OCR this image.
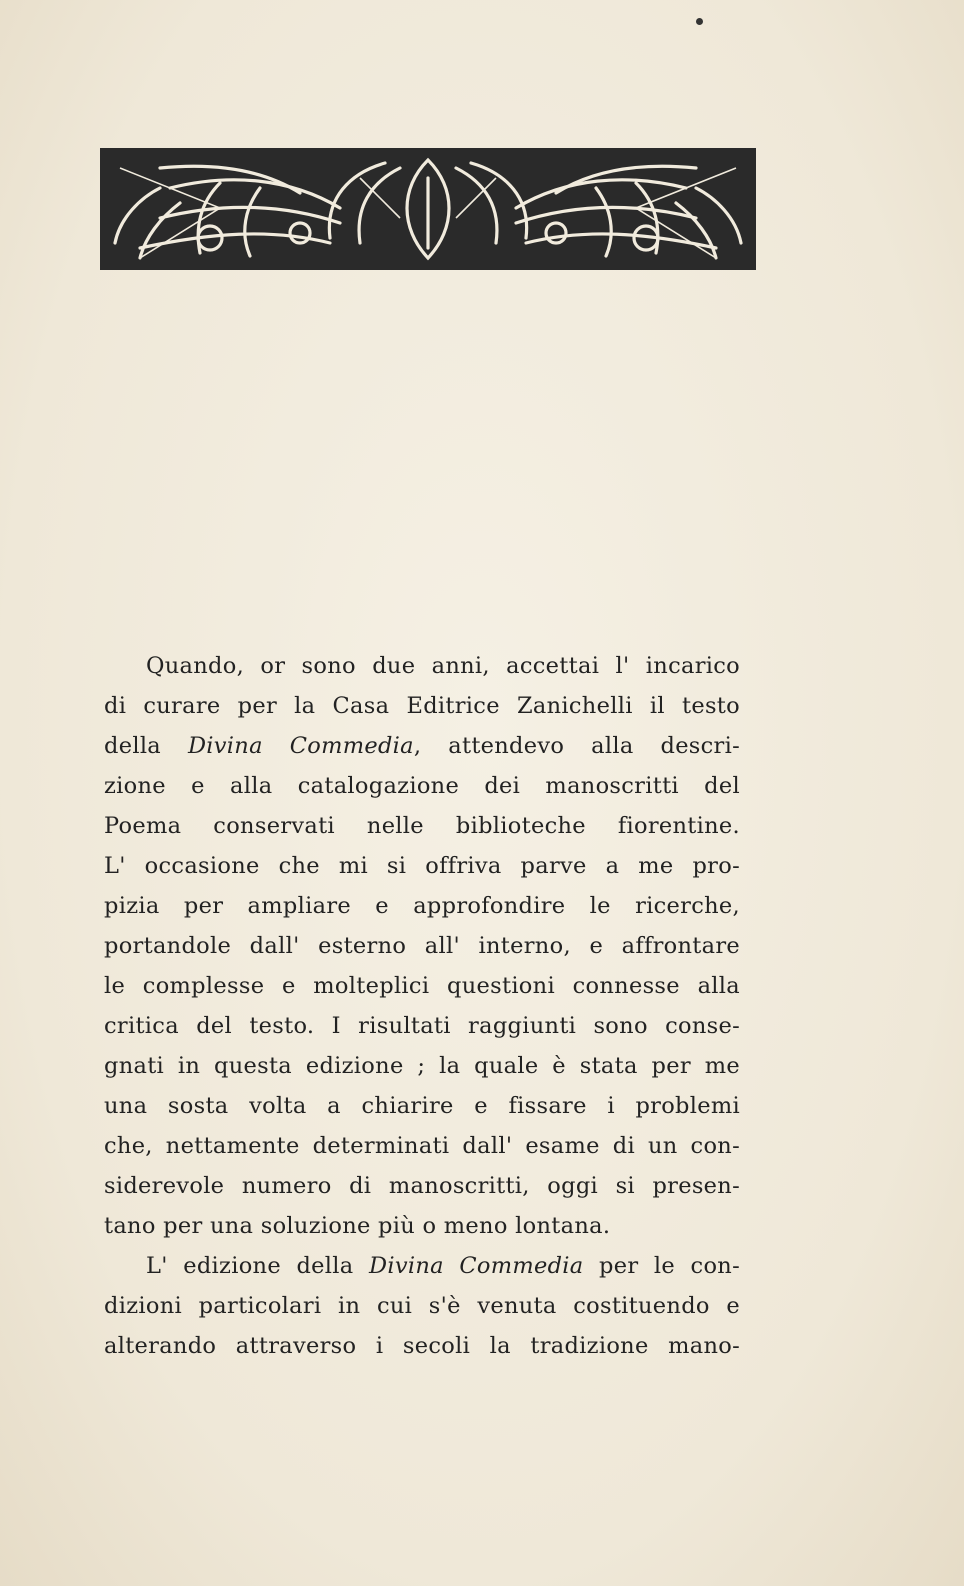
Quando, or sono due anni, accettai l' incarico
di curare per la Casa Editrice Zanichelli il testo
della Divina Commedia, attendevo alla descri-
zione e alla catalogazione dei manoscritti del
Poema conservati nelle biblioteche fiorentine.
L' occasione che mi si offriva parve a me pro-
pizia per ampliare e approfondire le ricerche,
portandole dall' esterno all' interno, e affrontare
le complesse e molteplici questioni connesse alla
critica del testo. I risultati raggiunti sono conse-
gnati in questa edizione ; la quale è stata per me
una sosta volta a chiarire e fissare i problemi
che, nettamente determinati dall' esame di un con-
siderevole numero di manoscritti, oggi si presen-
tano per una soluzione più o meno lontana.
L' edizione della Divina Commedia per le con-
dizioni particolari in cui s'è venuta costituendo e
alterando attraverso i secoli la tradizione mano-
